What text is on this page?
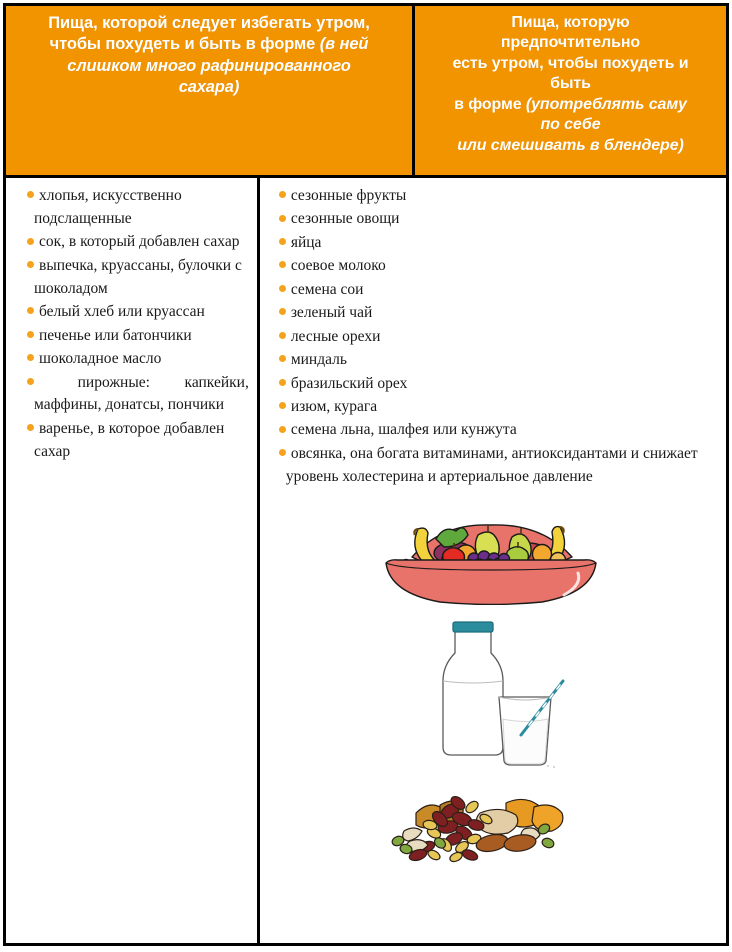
Пища, которой следует избегать утром,
чтобы похудеть и быть в форме (в ней
слишком много рафинированного
сахара)
Пища, которую
предпочтительно
есть утром, чтобы похудеть и
быть
в форме (употреблять саму
по себе
или смешивать в блендере)
хлопья, искусственно подслащенные
сок, в который добавлен сахар
выпечка, круассаны, булочки с шоколадом
белый хлеб или круассан
печенье или батончики
шоколадное масло
пирожные: капкейки, маффины, донатсы, пончики
варенье, в которое добавлен сахар
сезонные фрукты
сезонные овощи
яйца
соевое молоко
семена сои
зеленый чай
лесные орехи
миндаль
бразильский орех
изюм, курага
семена льна, шалфея или кунжута
овсянка, она богата витаминами, антиоксидантами и снижает уровень холестерина и артериальное давление
